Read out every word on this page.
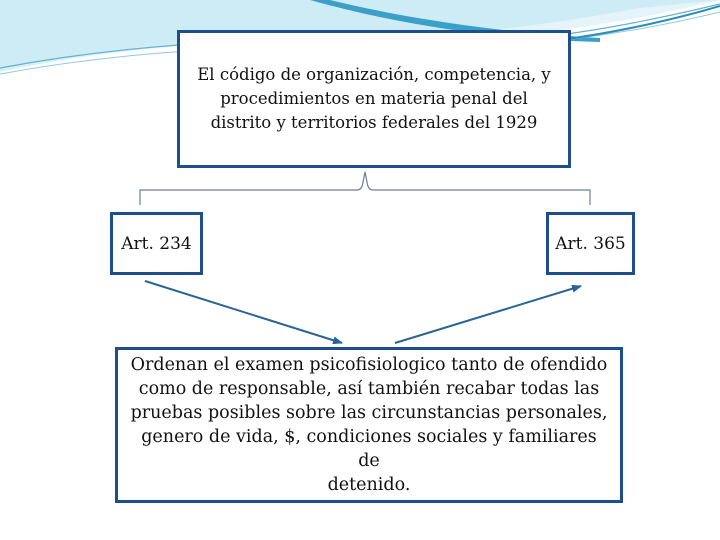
El código de organización, competencia, y
procedimientos en materia penal del
distrito y territorios federales del 1929
Art. 234	Art. 365
Ordenan el examen psicofisiologico tanto de ofendido
como de responsable, así también recabar todas las
pruebas posibles sobre las circunstancias personales,
genero de vida, $, condiciones sociales y familiares de
detenido.
